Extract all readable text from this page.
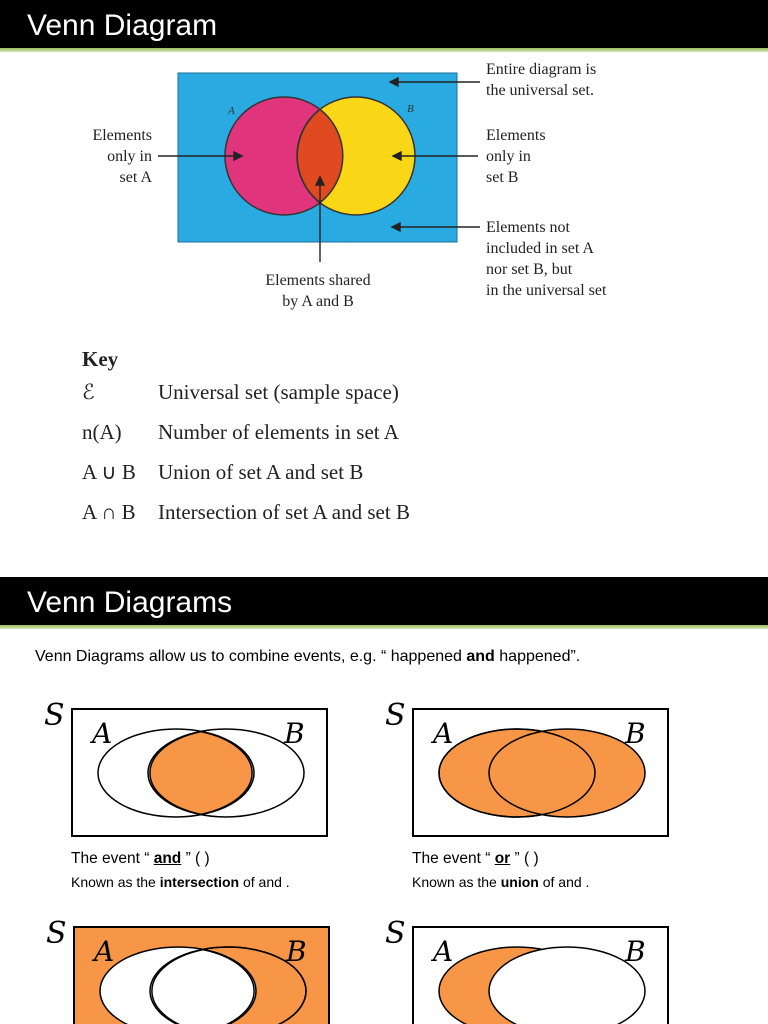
Venn Diagram
A	B
Entire diagram is
the universal set.
Elements
only in
set A
Elements
only in
set B
Elements not
included in set A
nor set B, but
in the universal set
Elements shared
by A and B
Key
ℰ	Universal set (sample space)
n(A) Number of elements in set A
A ∪ B Union of set A and set B
A ∩ B Intersection of set A and set B
Venn Diagrams
Venn Diagrams allow us to combine events, e.g. “ happened and happened”.
S
A	B
S
A	B
The event “ and ” ( )
Known as the intersection of and .
The event “ or ” ( )
Known as the union of and .
S
A	B
S
A	B
